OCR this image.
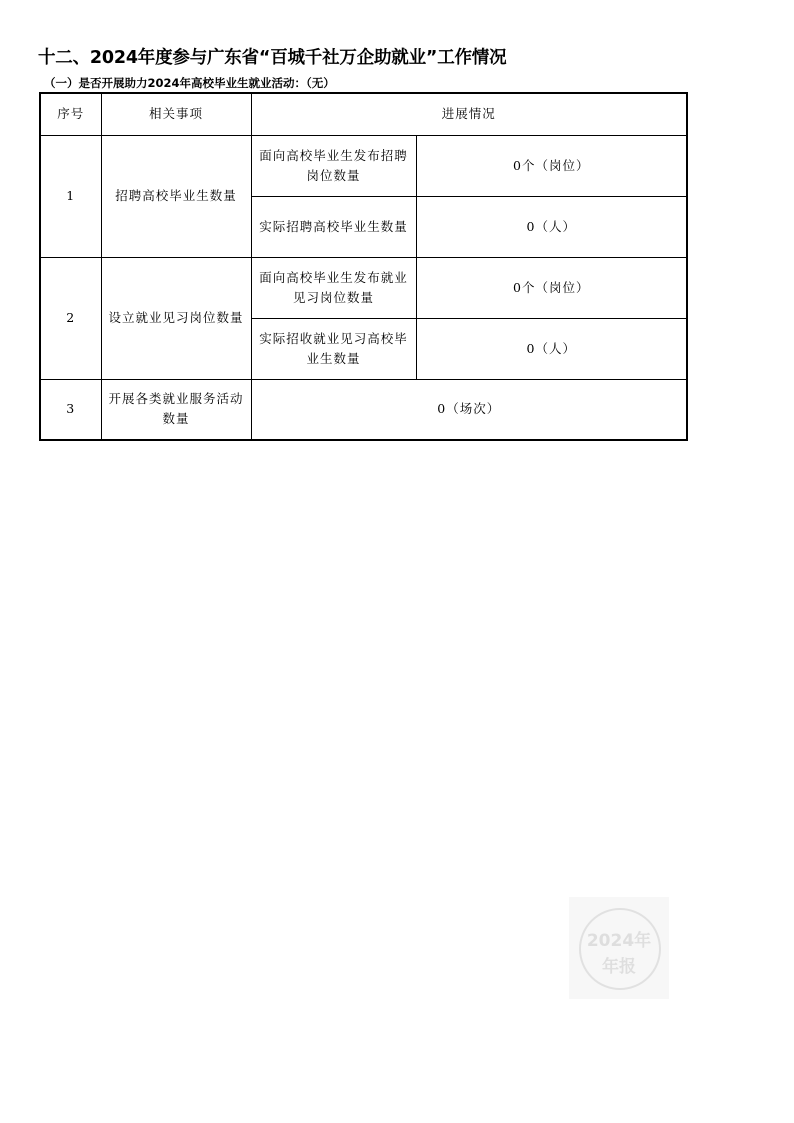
十二、2024年度参与广东省“百城千社万企助就业”工作情况
（一）是否开展助力2024年高校毕业生就业活动：（无）
序号	相关事项	进展情况	
1	招聘高校毕业生数量	面向高校毕业生发布招聘岗位数量	0个（岗位）
		实际招聘高校毕业生数量	0（人）
2	设立就业见习岗位数量	面向高校毕业生发布就业见习岗位数量	0个（岗位）
		实际招收就业见习高校毕业生数量	0（人）
3	开展各类就业服务活动数量	0（场次）	
2024年
年报
